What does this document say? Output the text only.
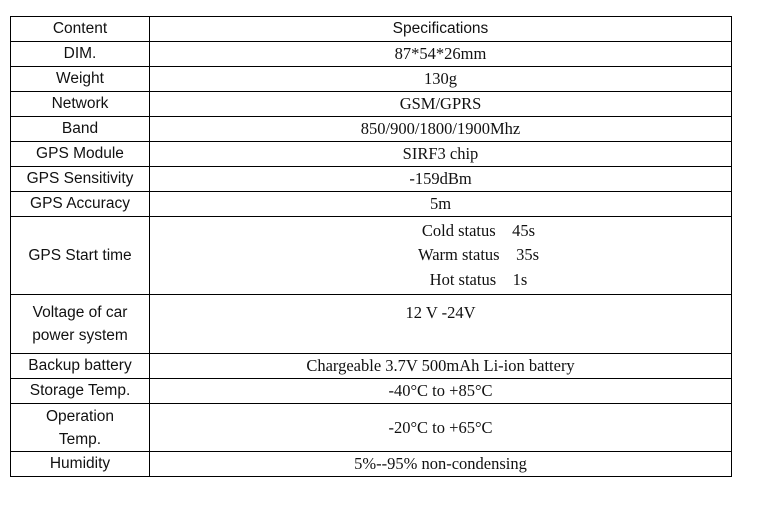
Content	Specifications
DIM.	87*54*26mm
Weight	130g
Network	GSM/GPRS
Band	850/900/1800/1900Mhz
GPS Module	SIRF3 chip
GPS Sensitivity	-159dBm
GPS Accuracy	5m
GPS Start time	Cold status    45s
Warm status    35s
Hot status    1s

Voltage of car
power system	12 V -24V

Backup battery	Chargeable 3.7V 500mAh Li-ion battery
Storage Temp.	-40°C to +85°C

Operation
Temp.	-20°C to +65°C
Humidity	5%--95% non-condensing
